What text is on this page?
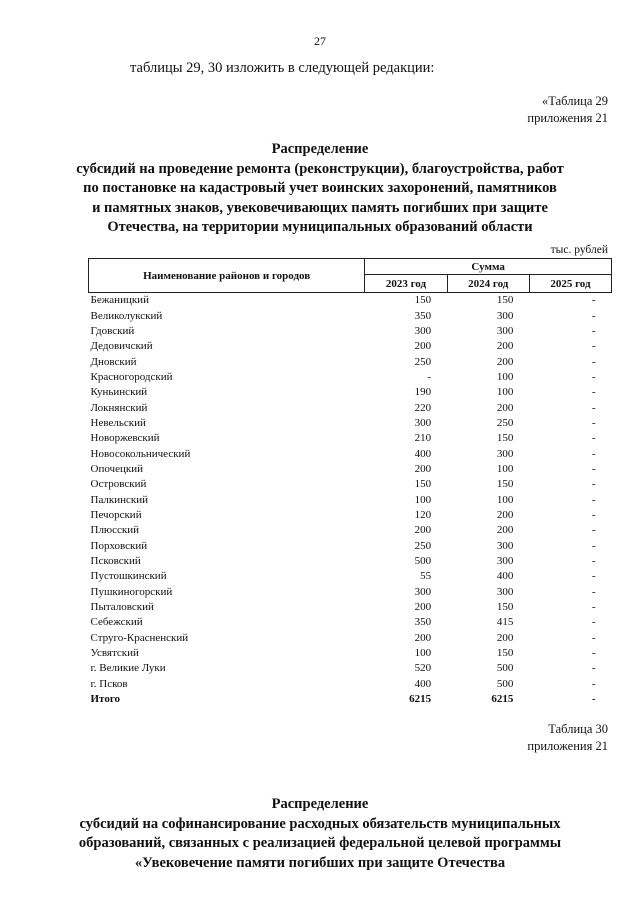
27
таблицы 29, 30 изложить в следующей редакции:
«Таблица 29
приложения 21
Распределение
субсидий на проведение ремонта (реконструкции), благоустройства, работ
по постановке на кадастровый учет воинских захоронений, памятников
и памятных знаков, увековечивающих память погибших при защите
Отечества, на территории муниципальных образований области
тыс. рублей
Наименование районов и городов	Сумма		
	2023 год	2024 год	2025 год
Бежаницкий	150	150	-
Великолукский	350	300	-
Гдовский	300	300	-
Дедовичский	200	200	-
Дновский	250	200	-
Красногородский	-	100	-
Куньинский	190	100	-
Локнянский	220	200	-
Невельский	300	250	-
Новоржевский	210	150	-
Новосокольнический	400	300	-
Опочецкий	200	100	-
Островский	150	150	-
Палкинский	100	100	-
Печорский	120	200	-
Плюсский	200	200	-
Порховский	250	300	-
Псковский	500	300	-
Пустошкинский	55	400	-
Пушкиногорский	300	300	-
Пыталовский	200	150	-
Себежский	350	415	-
Струго-Красненский	200	200	-
Усвятский	100	150	-
г. Великие Луки	520	500	-
г. Псков	400	500	-
Итого	6215	6215	-
Таблица 30
приложения 21
Распределение
субсидий на софинансирование расходных обязательств муниципальных
образований, связанных с реализацией федеральной целевой программы
«Увековечение памяти погибших при защите Отечества
